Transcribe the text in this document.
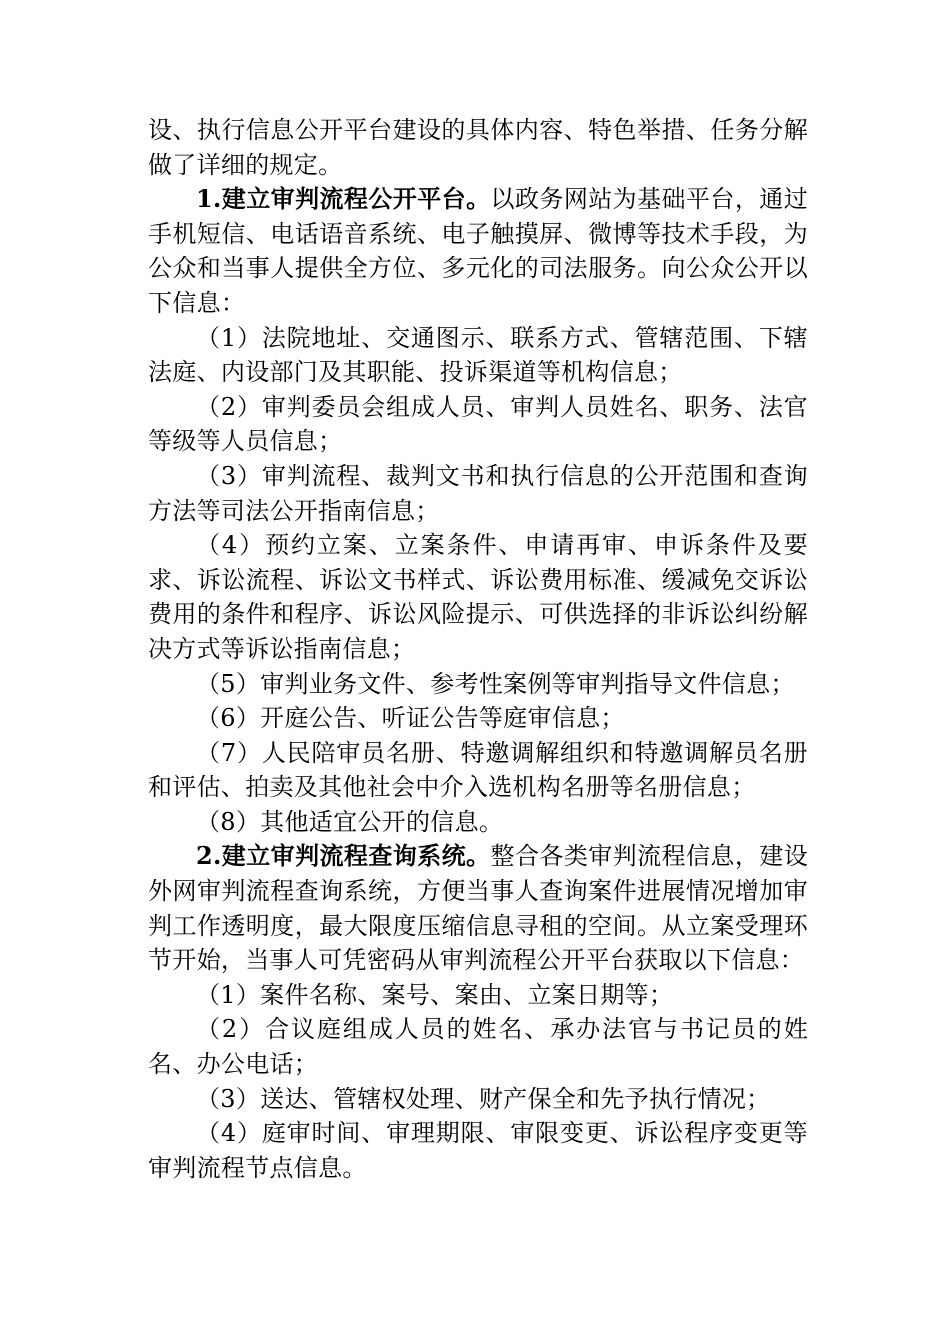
设、执行信息公开平台建设的具体内容、特色举措、任务分解做了详细的规定。

1.建立审判流程公开平台。以政务网站为基础平台，通过手机短信、电话语音系统、电子触摸屏、微博等技术手段，为公众和当事人提供全方位、多元化的司法服务。向公众公开以下信息：

（1）法院地址、交通图示、联系方式、管辖范围、下辖法庭、内设部门及其职能、投诉渠道等机构信息；

（2）审判委员会组成人员、审判人员姓名、职务、法官等级等人员信息；

（3）审判流程、裁判文书和执行信息的公开范围和查询方法等司法公开指南信息；

（4）预约立案、立案条件、申请再审、申诉条件及要求、诉讼流程、诉讼文书样式、诉讼费用标准、缓减免交诉讼费用的条件和程序、诉讼风险提示、可供选择的非诉讼纠纷解决方式等诉讼指南信息；

（5）审判业务文件、参考性案例等审判指导文件信息；

（6）开庭公告、听证公告等庭审信息；

（7）人民陪审员名册、特邀调解组织和特邀调解员名册和评估、拍卖及其他社会中介入选机构名册等名册信息；

（8）其他适宜公开的信息。

2.建立审判流程查询系统。整合各类审判流程信息，建设外网审判流程查询系统，方便当事人查询案件进展情况增加审判工作透明度，最大限度压缩信息寻租的空间。从立案受理环节开始，当事人可凭密码从审判流程公开平台获取以下信息：

（1）案件名称、案号、案由、立案日期等；

（2）合议庭组成人员的姓名、承办法官与书记员的姓名、办公电话；

（3）送达、管辖权处理、财产保全和先予执行情况；

（4）庭审时间、审理期限、审限变更、诉讼程序变更等审判流程节点信息。
